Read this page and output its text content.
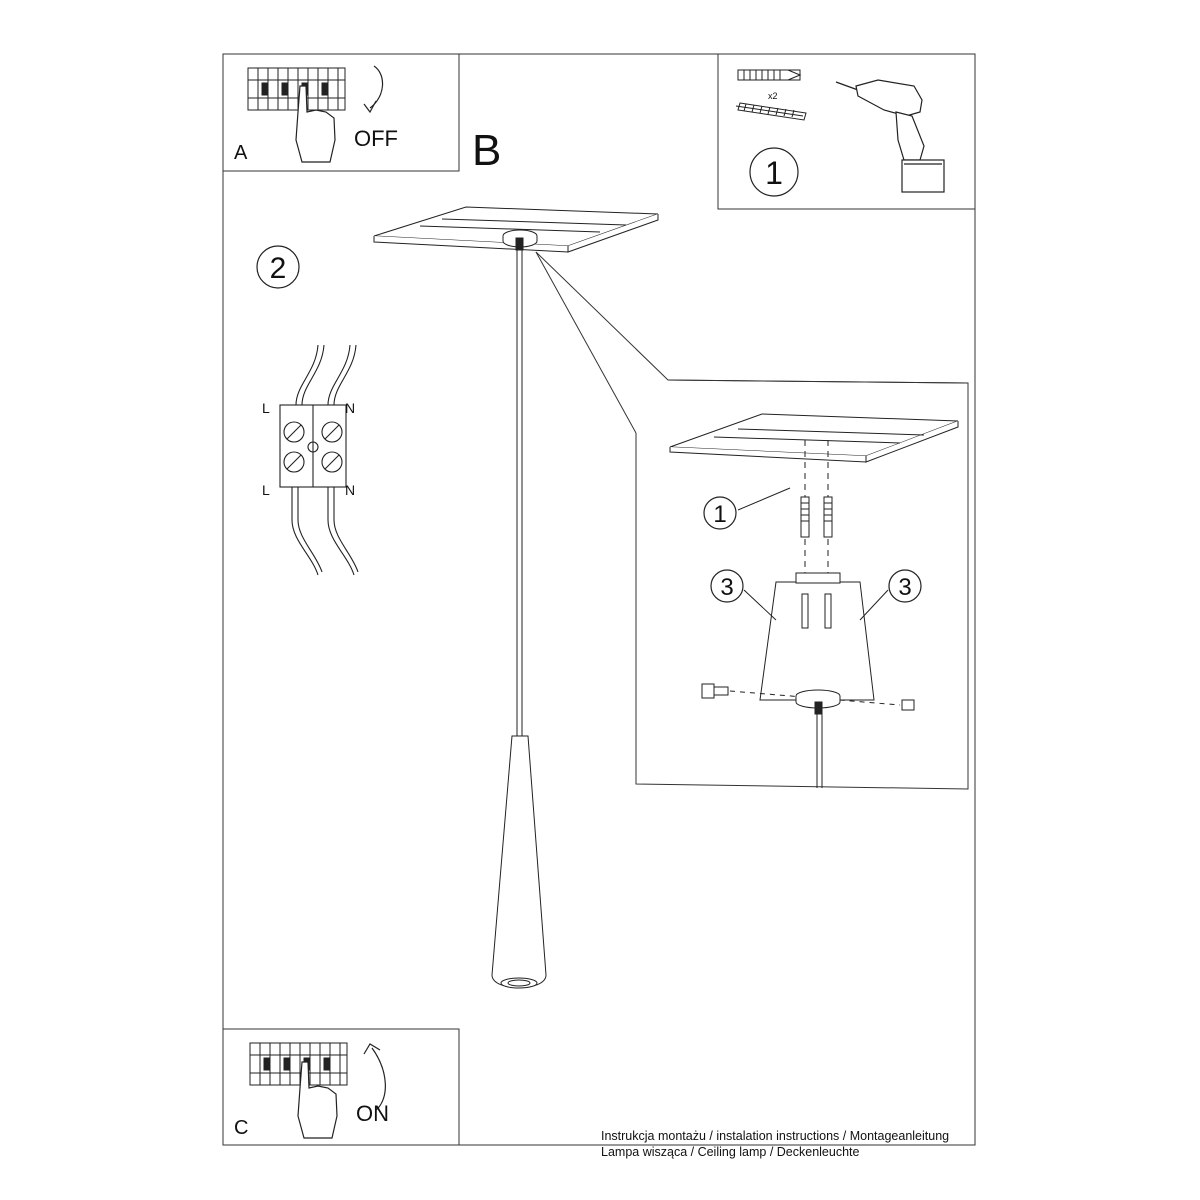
A
OFF B
x2
1
2
L	N
L	N
1
3	3
C
ON
Instrukcja montażu / instalation instructions / Montageanleitung
Lampa wisząca / Ceiling lamp / Deckenleuchte
